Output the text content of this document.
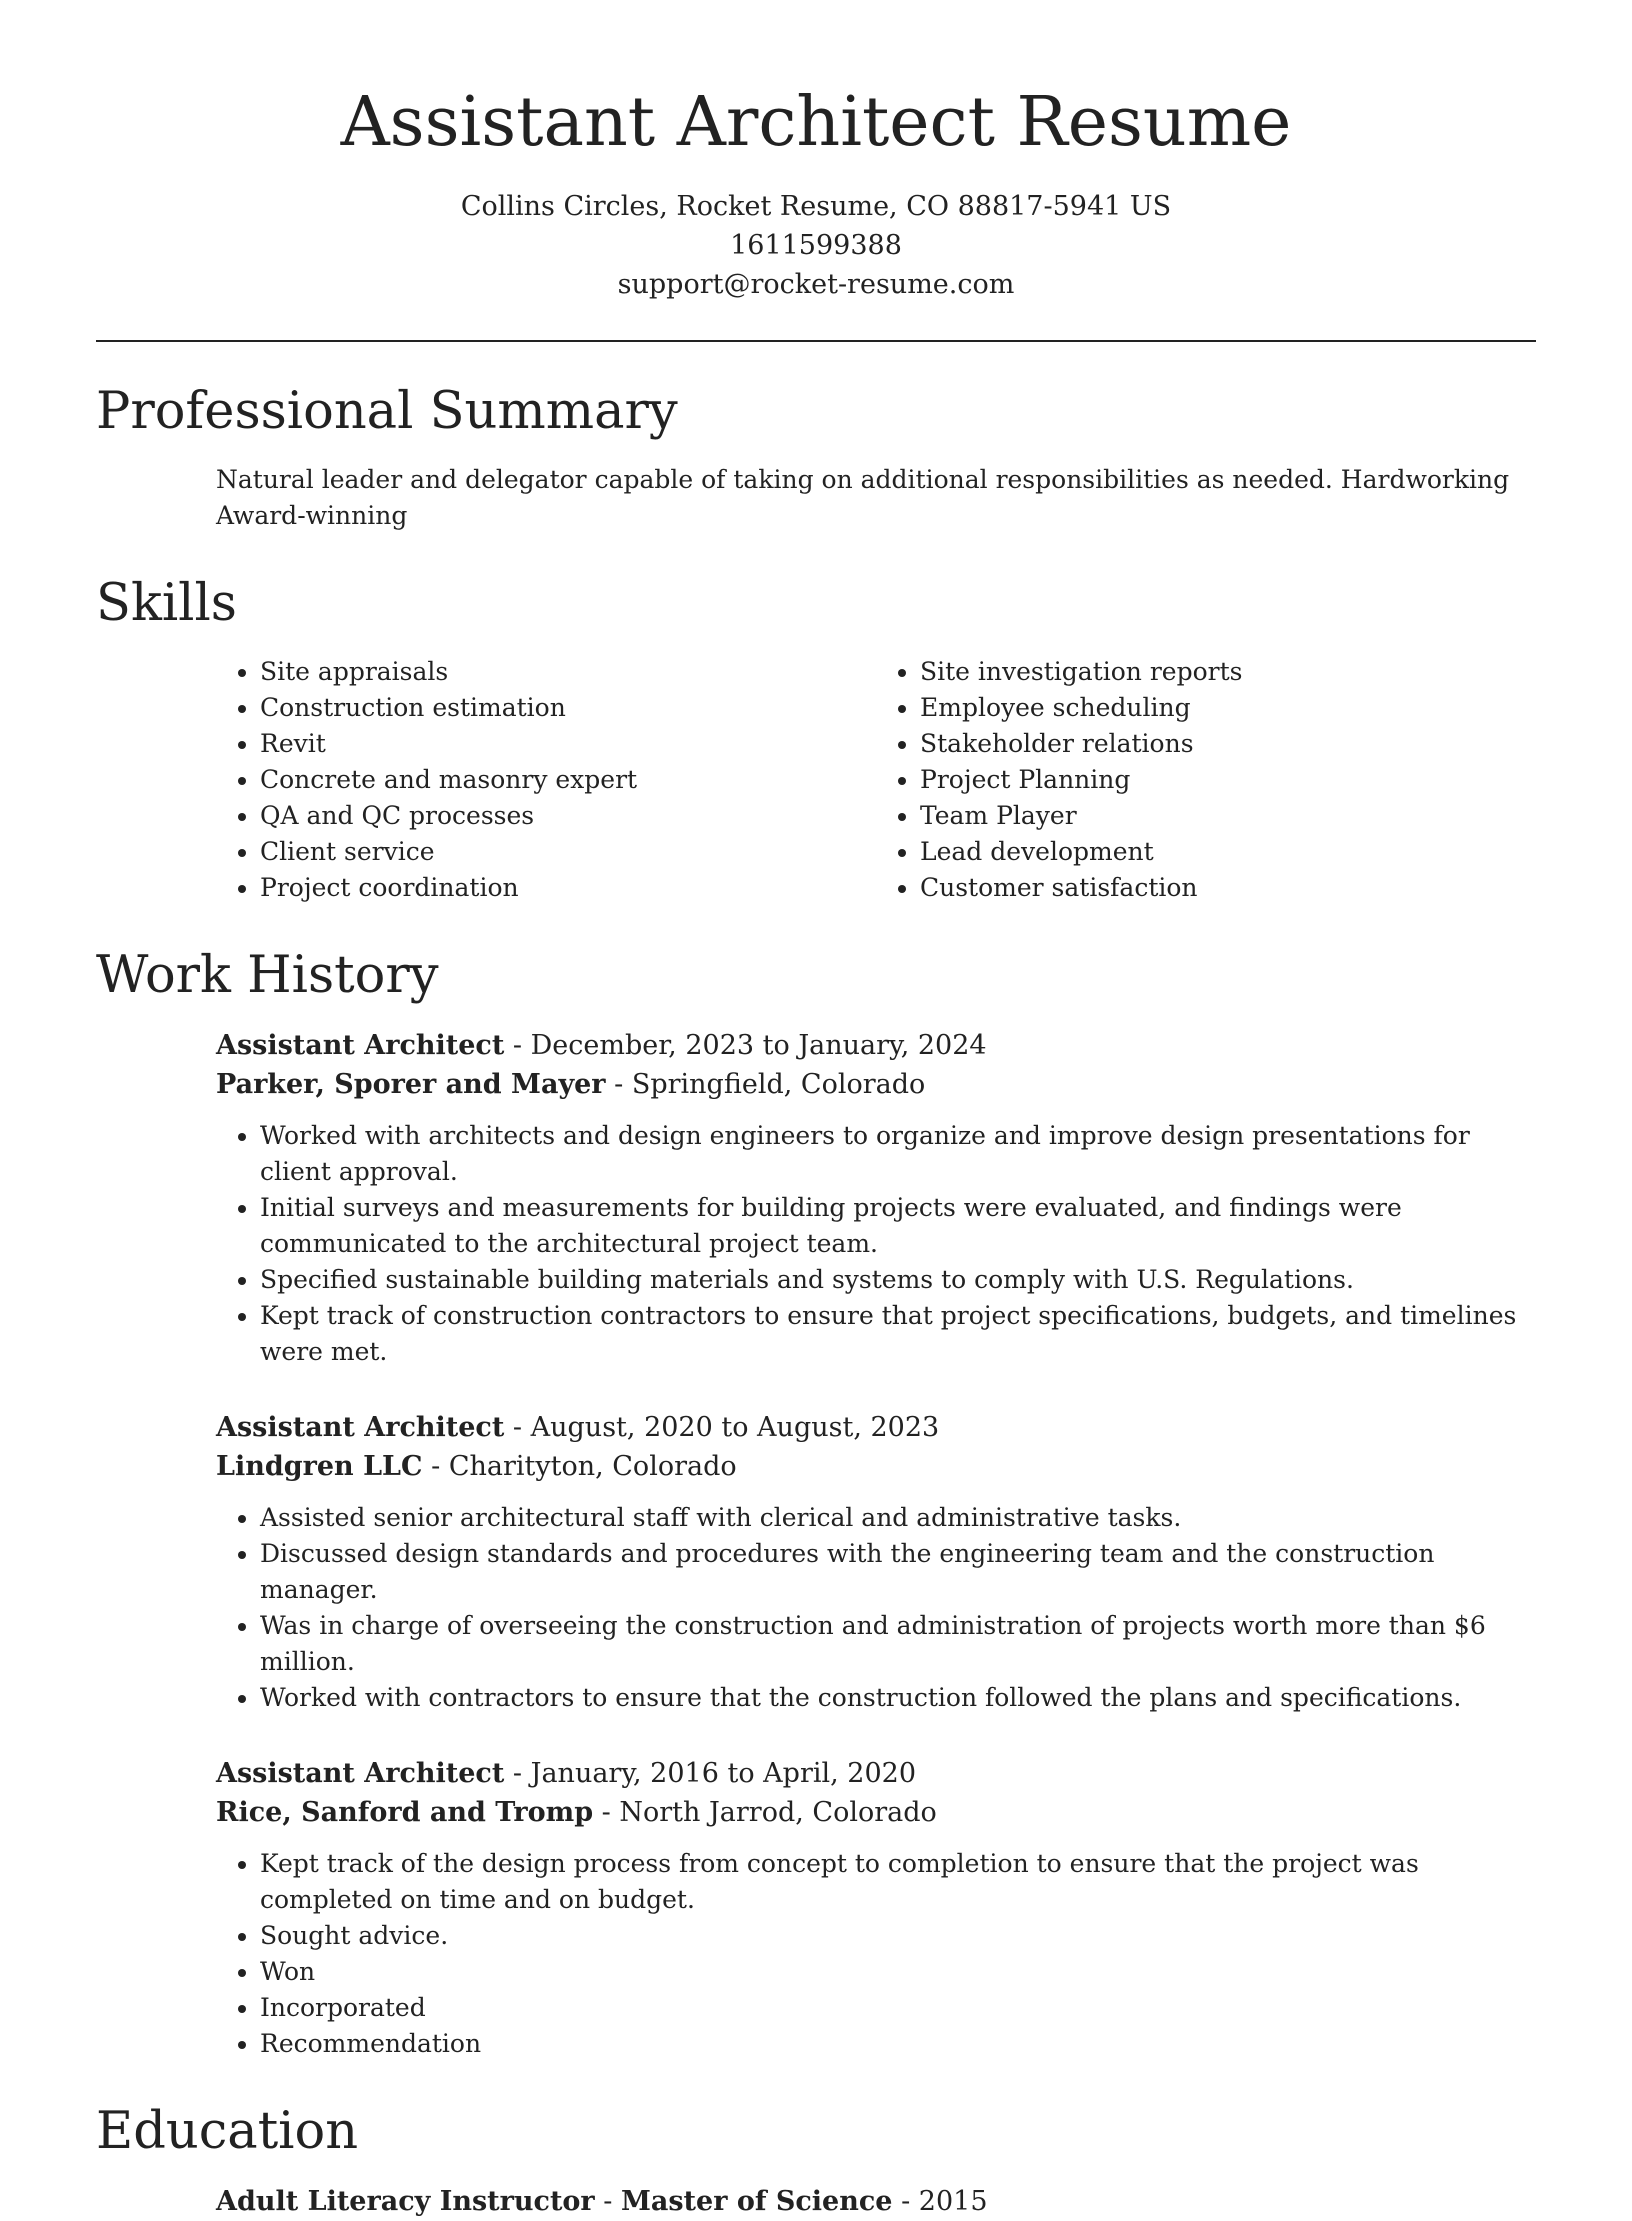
Assistant Architect Resume
Collins Circles, Rocket Resume, CO 88817-5941 US
1611599388
support@rocket-resume.com
Professional Summary
Natural leader and delegator capable of taking on additional responsibilities as needed. Hardworking Award-winning
Skills
• Site appraisals
• Construction estimation
• Revit
• Concrete and masonry expert
• QA and QC processes
• Client service
• Project coordination
• Site investigation reports
• Employee scheduling
• Stakeholder relations
• Project Planning
• Team Player
• Lead development
• Customer satisfaction
Work History
Assistant Architect - December, 2023 to January, 2024
Parker, Sporer and Mayer - Springfield, Colorado
• Worked with architects and design engineers to organize and improve design presentations for client approval.
• Initial surveys and measurements for building projects were evaluated, and findings were communicated to the architectural project team.
• Specified sustainable building materials and systems to comply with U.S. Regulations.
• Kept track of construction contractors to ensure that project specifications, budgets, and timelines were met.
Assistant Architect - August, 2020 to August, 2023
Lindgren LLC - Charityton, Colorado
• Assisted senior architectural staff with clerical and administrative tasks.
• Discussed design standards and procedures with the engineering team and the construction manager.
• Was in charge of overseeing the construction and administration of projects worth more than $6 million.
• Worked with contractors to ensure that the construction followed the plans and specifications.
Assistant Architect - January, 2016 to April, 2020
Rice, Sanford and Tromp - North Jarrod, Colorado
• Kept track of the design process from concept to completion to ensure that the project was completed on time and on budget.
• Sought advice.
• Won
• Incorporated
• Recommendation
Education
Adult Literacy Instructor - Master of Science - 2015
